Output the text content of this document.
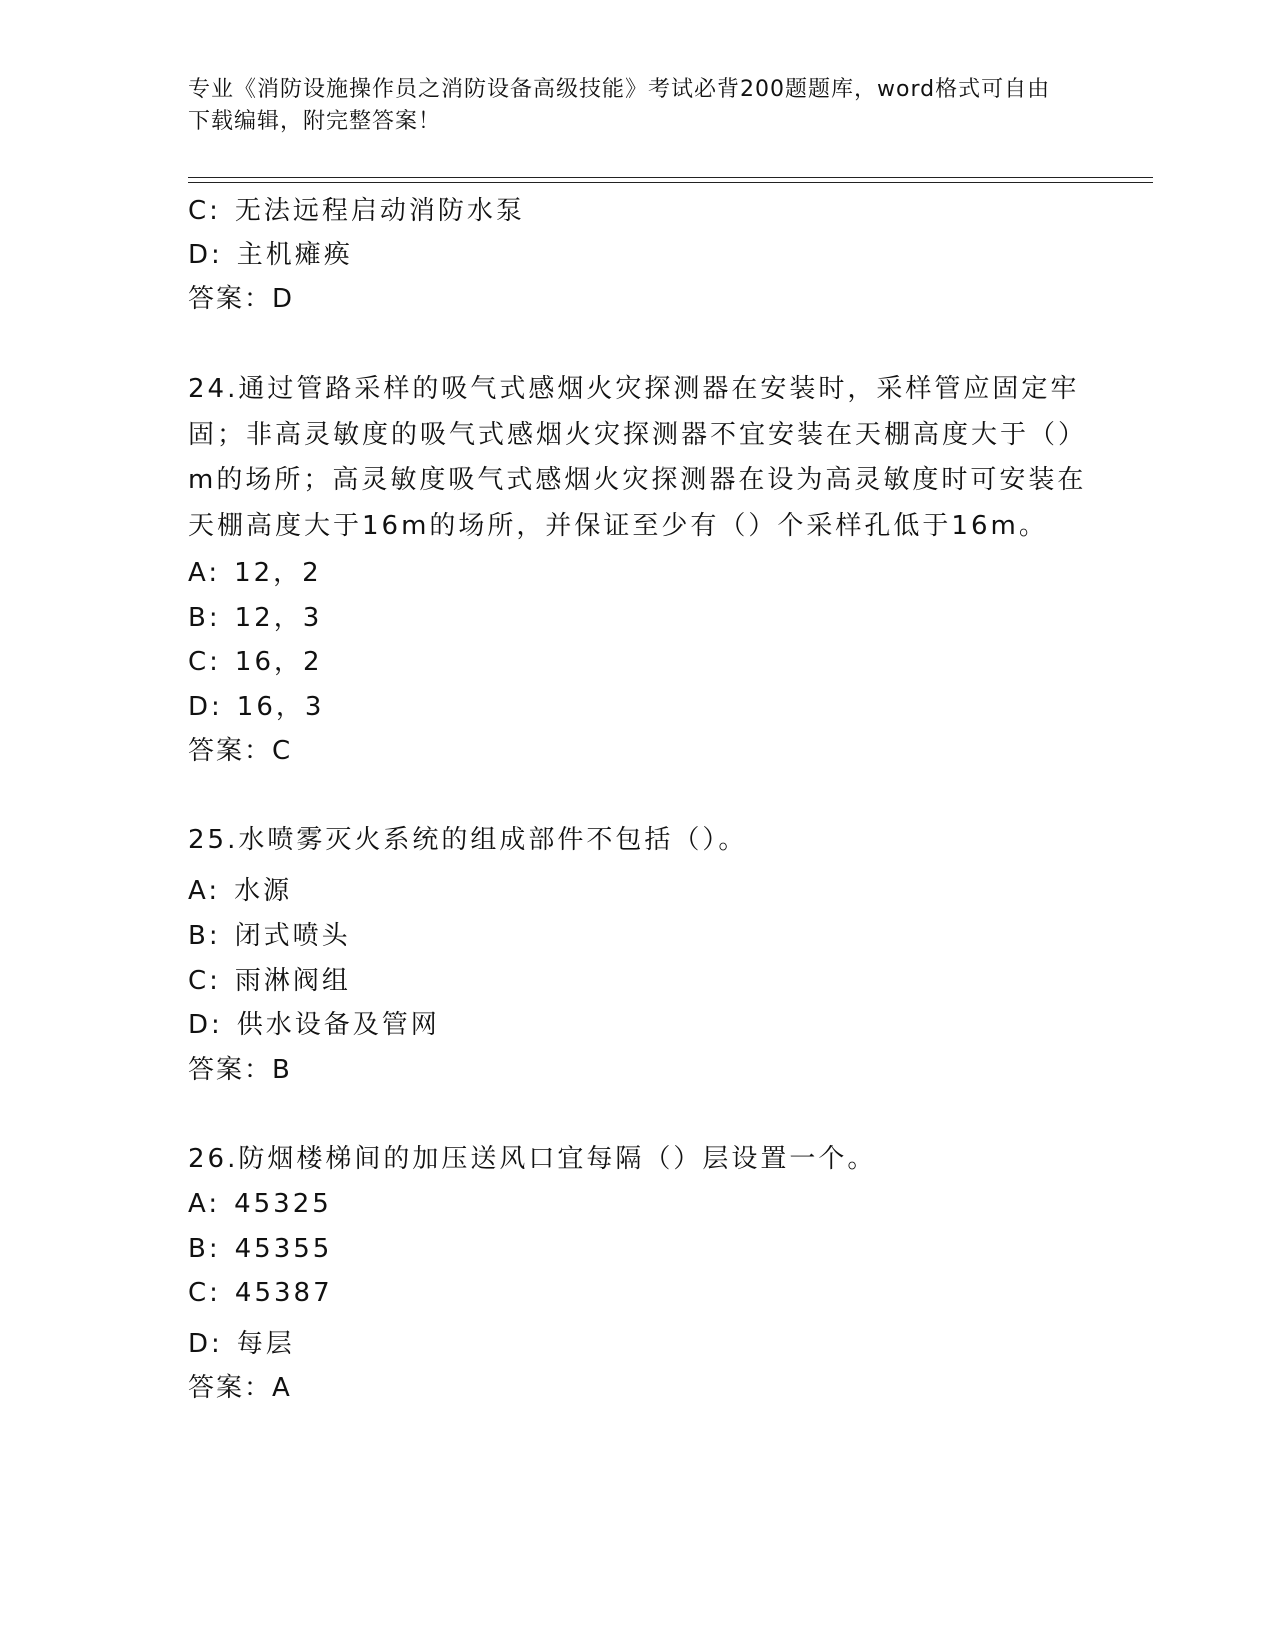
专业《消防设施操作员之消防设备高级技能》考试必背200题题库，word格式可自由下载编辑，附完整答案！
C: 无法远程启动消防水泵
D: 主机瘫痪
答案：D
24.通过管路采样的吸气式感烟火灾探测器在安装时，采样管应固定牢固；非高灵敏度的吸气式感烟火灾探测器不宜安装在天棚高度大于（）m的场所；高灵敏度吸气式感烟火灾探测器在设为高灵敏度时可安装在天棚高度大于16m的场所，并保证至少有（）个采样孔低于16m。
A: 12，2
B: 12，3
C: 16，2
D: 16，3
答案：C
25.水喷雾灭火系统的组成部件不包括（）。
A: 水源
B: 闭式喷头
C: 雨淋阀组
D: 供水设备及管网
答案：B
26.防烟楼梯间的加压送风口宜每隔（）层设置一个。
A: 45325
B: 45355
C: 45387
D: 每层
答案：A
